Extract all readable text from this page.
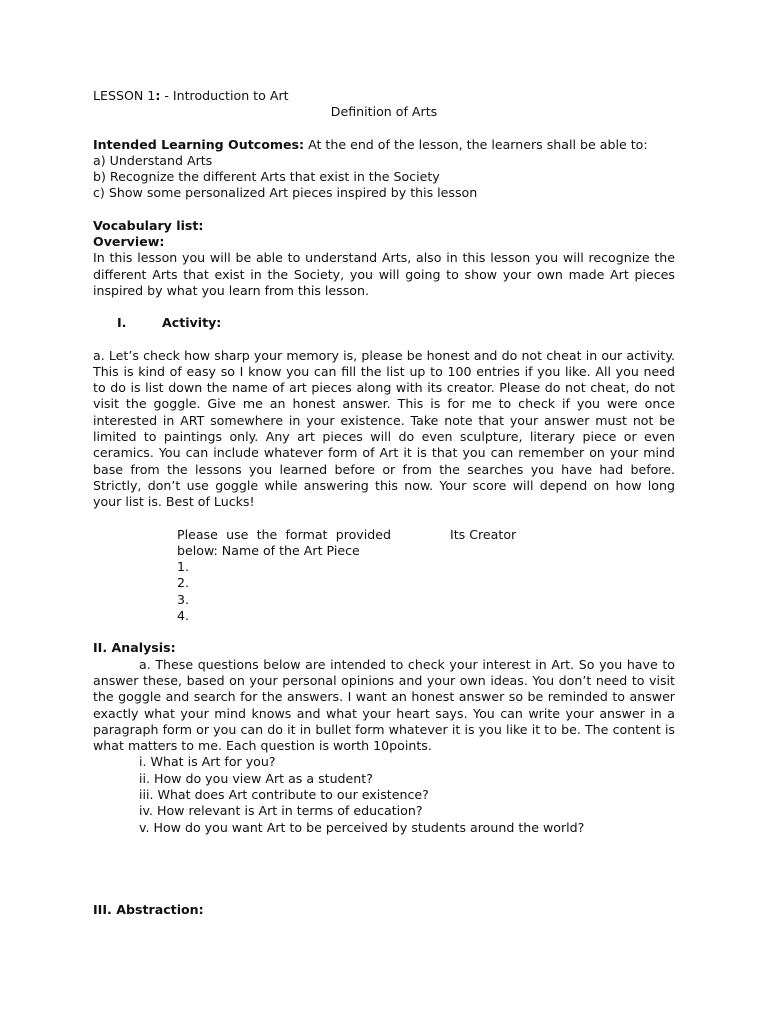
LESSON 1: - Introduction to Art
Definition of Arts
Intended Learning Outcomes: At the end of the lesson, the learners shall be able to:
a) Understand Arts
b) Recognize the different Arts that exist in the Society
c) Show some personalized Art pieces inspired by this lesson
Vocabulary list:
Overview:
In this lesson you will be able to understand Arts, also in this lesson you will recognize the different Arts that exist in the Society, you will going to show your own made Art pieces inspired by what you learn from this lesson.
I.	Activity:
a. Let’s check how sharp your memory is, please be honest and do not cheat in our activity. This is kind of easy so I know you can fill the list up to 100 entries if you like. All you need to do is list down the name of art pieces along with its creator. Please do not cheat, do not visit the goggle. Give me an honest answer. This is for me to check if you were once interested in ART somewhere in your existence. Take note that your answer must not be limited to paintings only. Any art pieces will do even sculpture, literary piece or even ceramics. You can include whatever form of Art it is that you can remember on your mind base from the lessons you learned before or from the searches you have had before. Strictly, don’t use goggle while answering this now. Your score will depend on how long your list is. Best of Lucks!
Please use the format provided below: Name of the Art Piece
Its Creator
1.
2.
3.
4.
II. Analysis:
a. These questions below are intended to check your interest in Art. So you have to answer these, based on your personal opinions and your own ideas. You don’t need to visit the goggle and search for the answers. I want an honest answer so be reminded to answer exactly what your mind knows and what your heart says. You can write your answer in a paragraph form or you can do it in bullet form whatever it is you like it to be. The content is what matters to me. Each question is worth 10points.
i. What is Art for you?
ii. How do you view Art as a student?
iii. What does Art contribute to our existence?
iv. How relevant is Art in terms of education?
v. How do you want Art to be perceived by students around the world?
III. Abstraction:
